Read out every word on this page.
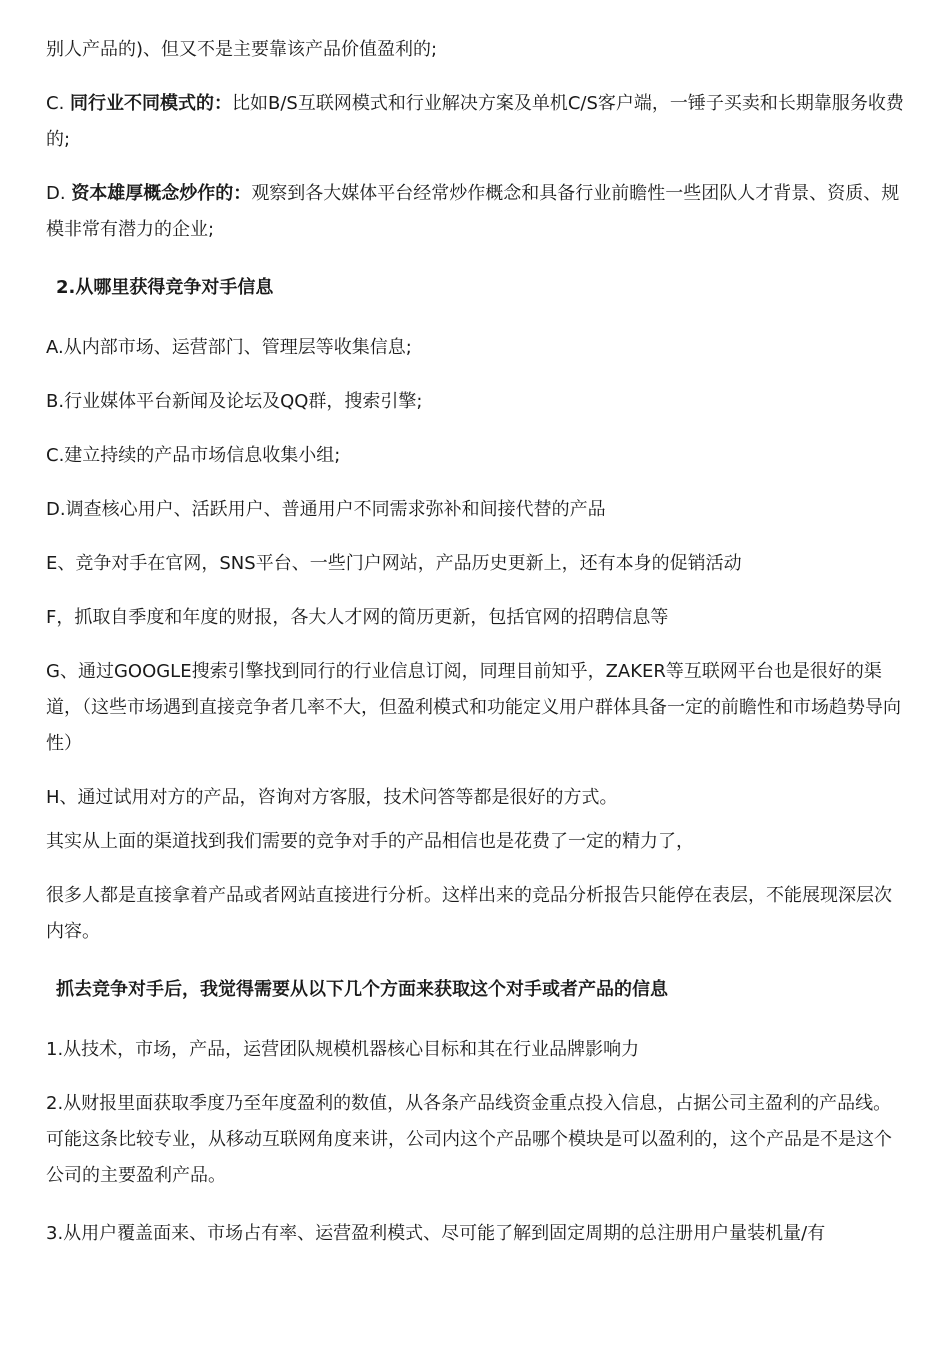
别人产品的)、但又不是主要靠该产品价值盈利的;

C. 同行业不同模式的：比如B/S互联网模式和行业解决方案及单机C/S客户端，一锤子买卖和长期靠服务收费的;

D. 资本雄厚概念炒作的：观察到各大媒体平台经常炒作概念和具备行业前瞻性一些团队人才背景、资质、规模非常有潜力的企业;

2.从哪里获得竞争对手信息

A.从内部市场、运营部门、管理层等收集信息;

B.行业媒体平台新闻及论坛及QQ群，搜索引擎;

C.建立持续的产品市场信息收集小组;

D.调查核心用户、活跃用户、普通用户不同需求弥补和间接代替的产品

E、竞争对手在官网，SNS平台、一些门户网站，产品历史更新上，还有本身的促销活动

F，抓取自季度和年度的财报，各大人才网的简历更新，包括官网的招聘信息等

G、通过GOOGLE搜索引擎找到同行的行业信息订阅，同理目前知乎，ZAKER等互联网平台也是很好的渠道，（这些市场遇到直接竞争者几率不大，但盈利模式和功能定义用户群体具备一定的前瞻性和市场趋势导向性）

H、通过试用对方的产品，咨询对方客服，技术问答等都是很好的方式。

其实从上面的渠道找到我们需要的竞争对手的产品相信也是花费了一定的精力了，

很多人都是直接拿着产品或者网站直接进行分析。这样出来的竞品分析报告只能停在表层，不能展现深层次内容。

抓去竞争对手后，我觉得需要从以下几个方面来获取这个对手或者产品的信息

1.从技术，市场，产品，运营团队规模机器核心目标和其在行业品牌影响力

2.从财报里面获取季度乃至年度盈利的数值，从各条产品线资金重点投入信息，占据公司主盈利的产品线。

可能这条比较专业，从移动互联网角度来讲，公司内这个产品哪个模块是可以盈利的，这个产品是不是这个公司的主要盈利产品。

3.从用户覆盖面来、市场占有率、运营盈利模式、尽可能了解到固定周期的总注册用户量装机量/有
